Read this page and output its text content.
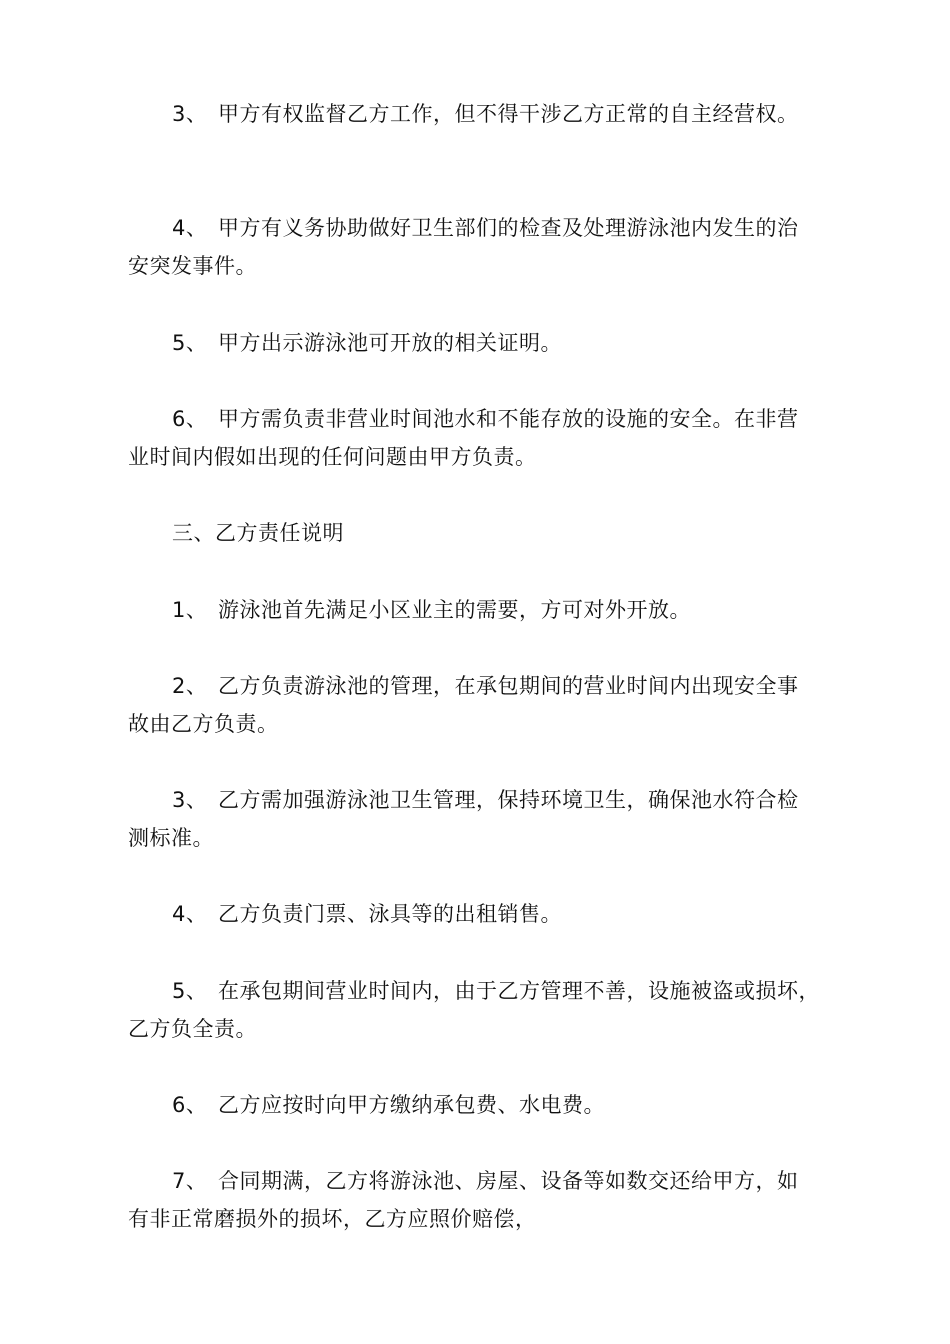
3、 甲方有权监督乙方工作，但不得干涉乙方正常的自主经营权。
4、 甲方有义务协助做好卫生部们的检查及处理游泳池内发生的治
安突发事件。
5、 甲方出示游泳池可开放的相关证明。
6、 甲方需负责非营业时间池水和不能存放的设施的安全。在非营
业时间内假如出现的任何问题由甲方负责。
三、乙方责任说明
1、 游泳池首先满足小区业主的需要，方可对外开放。
2、 乙方负责游泳池的管理，在承包期间的营业时间内出现安全事
故由乙方负责。
3、 乙方需加强游泳池卫生管理，保持环境卫生，确保池水符合检
测标准。
4、 乙方负责门票、泳具等的出租销售。
5、 在承包期间营业时间内，由于乙方管理不善，设施被盗或损坏，
乙方负全责。
6、 乙方应按时向甲方缴纳承包费、水电费。
7、 合同期满，乙方将游泳池、房屋、设备等如数交还给甲方，如
有非正常磨损外的损坏，乙方应照价赔偿，
